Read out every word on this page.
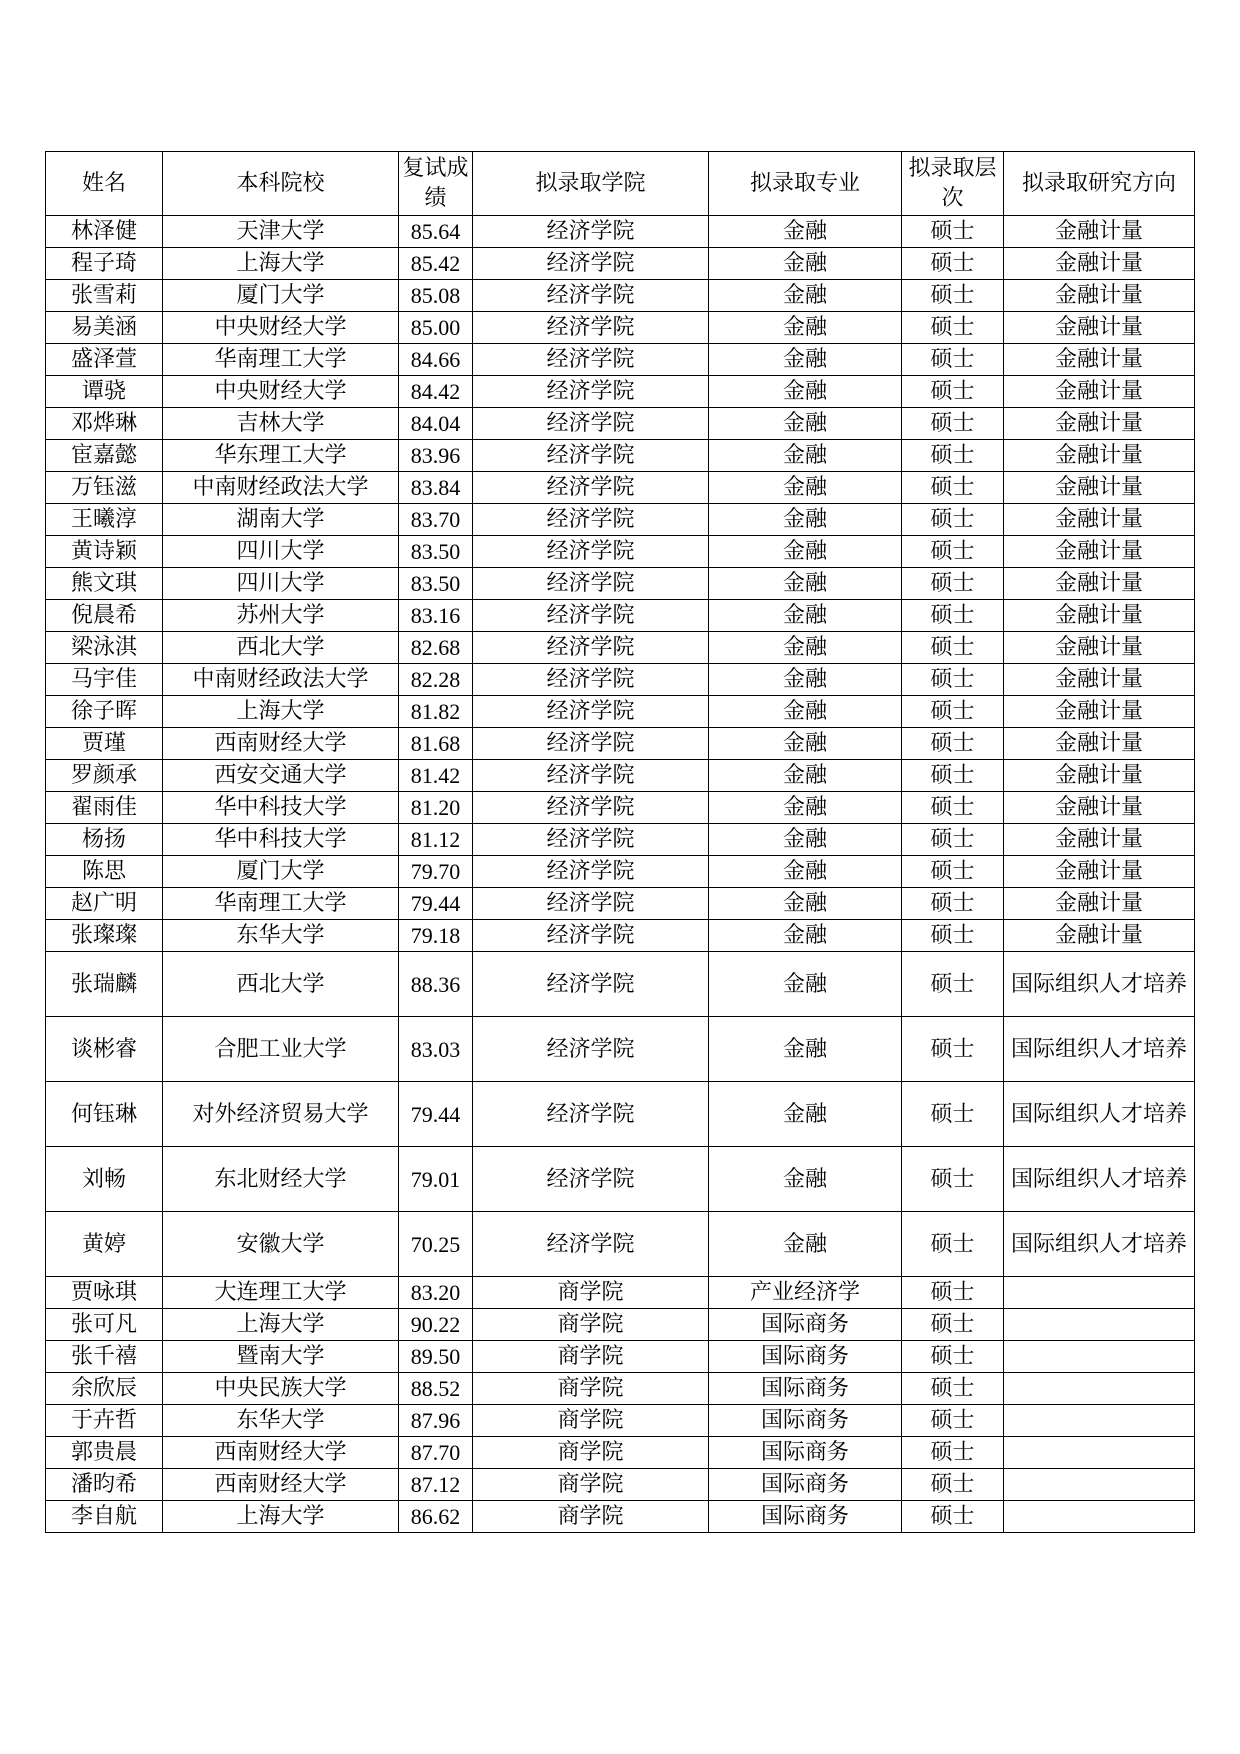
姓名	本科院校	复试成绩	拟录取学院	拟录取专业	拟录取层次	拟录取研究方向
林泽健	天津大学	85.64	经济学院	金融	硕士	金融计量
程子琦	上海大学	85.42	经济学院	金融	硕士	金融计量
张雪莉	厦门大学	85.08	经济学院	金融	硕士	金融计量
易美涵	中央财经大学	85.00	经济学院	金融	硕士	金融计量
盛泽萱	华南理工大学	84.66	经济学院	金融	硕士	金融计量
谭骁	中央财经大学	84.42	经济学院	金融	硕士	金融计量
邓烨琳	吉林大学	84.04	经济学院	金融	硕士	金融计量
宦嘉懿	华东理工大学	83.96	经济学院	金融	硕士	金融计量
万钰滋	中南财经政法大学	83.84	经济学院	金融	硕士	金融计量
王曦淳	湖南大学	83.70	经济学院	金融	硕士	金融计量
黄诗颖	四川大学	83.50	经济学院	金融	硕士	金融计量
熊文琪	四川大学	83.50	经济学院	金融	硕士	金融计量
倪晨希	苏州大学	83.16	经济学院	金融	硕士	金融计量
梁泳淇	西北大学	82.68	经济学院	金融	硕士	金融计量
马宇佳	中南财经政法大学	82.28	经济学院	金融	硕士	金融计量
徐子晖	上海大学	81.82	经济学院	金融	硕士	金融计量
贾瑾	西南财经大学	81.68	经济学院	金融	硕士	金融计量
罗颜承	西安交通大学	81.42	经济学院	金融	硕士	金融计量
翟雨佳	华中科技大学	81.20	经济学院	金融	硕士	金融计量
杨扬	华中科技大学	81.12	经济学院	金融	硕士	金融计量
陈思	厦门大学	79.70	经济学院	金融	硕士	金融计量
赵广明	华南理工大学	79.44	经济学院	金融	硕士	金融计量
张璨璨	东华大学	79.18	经济学院	金融	硕士	金融计量
张瑞麟	西北大学	88.36	经济学院	金融	硕士	国际组织人才培养
谈彬睿	合肥工业大学	83.03	经济学院	金融	硕士	国际组织人才培养
何钰琳	对外经济贸易大学	79.44	经济学院	金融	硕士	国际组织人才培养
刘畅	东北财经大学	79.01	经济学院	金融	硕士	国际组织人才培养
黄婷	安徽大学	70.25	经济学院	金融	硕士	国际组织人才培养
贾咏琪	大连理工大学	83.20	商学院	产业经济学	硕士	
张可凡	上海大学	90.22	商学院	国际商务	硕士	
张千禧	暨南大学	89.50	商学院	国际商务	硕士	
余欣辰	中央民族大学	88.52	商学院	国际商务	硕士	
于卉哲	东华大学	87.96	商学院	国际商务	硕士	
郭贵晨	西南财经大学	87.70	商学院	国际商务	硕士	
潘昀希	西南财经大学	87.12	商学院	国际商务	硕士	
李自航	上海大学	86.62	商学院	国际商务	硕士	
